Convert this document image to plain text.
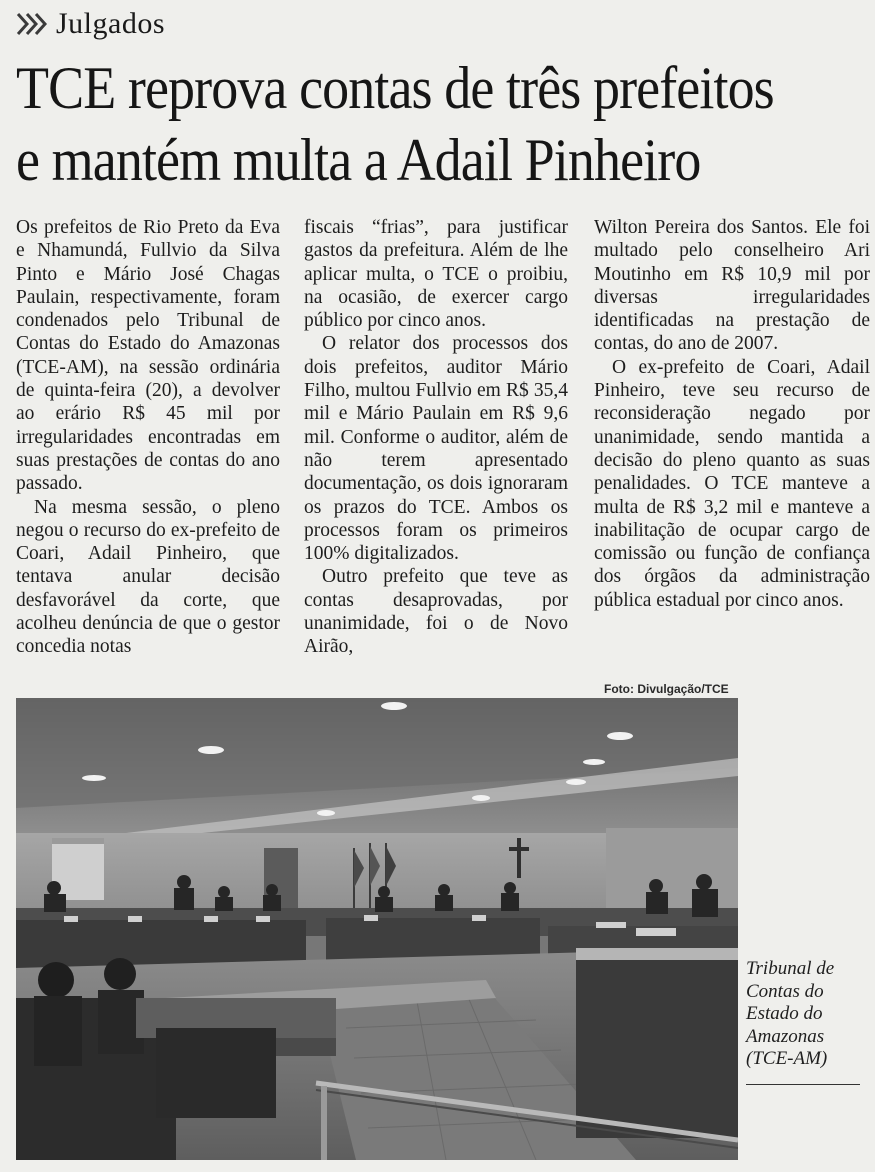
Julgados
TCE reprova contas de três prefeitos
e mantém multa a Adail Pinheiro

Os prefeitos de Rio Preto da Eva e Nhamundá, Fullvio da Silva Pinto e Mário José Chagas Paulain, respectivamente, foram condenados pelo Tribunal de Contas do Estado do Amazonas (TCE-AM), na sessão ordinária de quinta-feira (20), a devolver ao erário R$ 45 mil por irregularidades encontradas em suas prestações de contas do ano passado.

Na mesma sessão, o pleno negou o recurso do ex-prefeito de Coari, Adail Pinheiro, que tentava anular decisão desfavorável da corte, que acolheu denúncia de que o gestor concedia notas

fiscais “frias”, para justificar gastos da prefeitura. Além de lhe aplicar multa, o TCE o proibiu, na ocasião, de exercer cargo público por cinco anos.

O relator dos processos dos dois prefeitos, auditor Mário Filho, multou Fullvio em R$ 35,4 mil e Mário Paulain em R$ 9,6 mil. Conforme o auditor, além de não terem apresentado documentação, os dois ignoraram os prazos do TCE. Ambos os processos foram os primeiros 100% digitalizados.

Outro prefeito que teve as contas desaprovadas, por unanimidade, foi o de Novo Airão,

Wilton Pereira dos Santos. Ele foi multado pelo conselheiro Ari Moutinho em R$ 10,9 mil por diversas irregularidades identificadas na prestação de contas, do ano de 2007.

O ex-prefeito de Coari, Adail Pinheiro, teve seu recurso de reconsideração negado por unanimidade, sendo mantida a decisão do pleno quanto as suas penalidades. O TCE manteve a multa de R$ 3,2 mil e manteve a inabilitação de ocupar cargo de comissão ou função de confiança dos órgãos da administração pública estadual por cinco anos.

Foto: Divulgação/TCE

Tribunal de Contas do Estado do Amazonas (TCE-AM)
